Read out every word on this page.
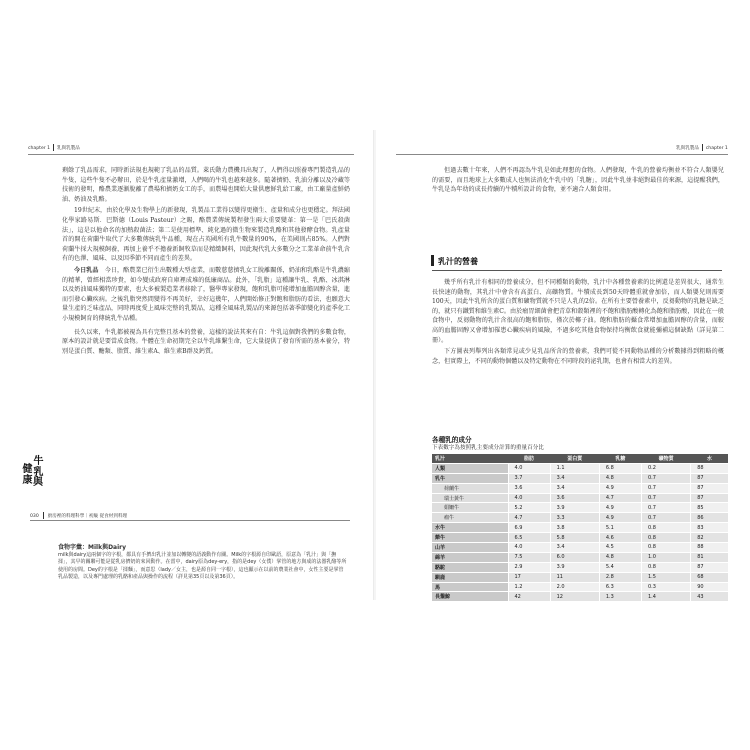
chapter 1 乳與乳製品

剩餘了乳品需求，同時新法規也規範了乳品的品質。萊氏動力農機具出現了，人們得以照養專門製造乳品的牛隻，這些牛隻不必辦田，於是牛乳產量激增，人們喝的牛乳也越來越多。隨著擠奶、乳油分離以及冷藏等技術的發明，酪農業逐漸脫離了農場和擠奶女工的手，而農場也開始大量供應鮮乳給工廠，由工廠量產鮮奶油、奶油及乳酪。

19世紀末，由於化學及生物學上的新發現，乳製品工業得以變得更衛生、產量和成分也更穩定。拜法國化學家路易斯．巴斯德（Louis Pasteur）之賜，酪農業傳統製程發生兩大重要變革：第一是「巴氏殺菌法」，這是以他命名的加熱殺菌法；第二是使用標準、純化過的微生物來製造乳酪和其他發酵食物。乳產量首的開在荷蘭牛取代了大多數傳統乳牛品種，現在占英國所有乳牛數量的90%，在美國則占85%。人們對荷蘭牛採大規模飼養，再加上養乎不擔養新飼牧草而是精緻飼料，因此現代乳大多數分之工業革命前牛乳含有的色澤、風味、以及因季節不同而產生的差異。

今日乳品　 今日，酪農業已衍生出數種大型產業，而數慈慈擠乳女工脫離關係，奶油和乳酪是牛乳濃縮的精華，曾經相當珍貴，如今變成政府自庫裡成堆的低廉商品。此外，「乳脂」這種讓牛乳、乳酪、冰淇淋以及奶油風味獨特的要素，也大多被製造業者移除了，醫學專家發現，飽和乳脂可能增加血膽固醇含量，進而引發心臟疾病。之後乳脂突然間變得不再美好，幸好這幾年，人們開始修正對飽和脂肪的看法，也願意大量生產的乏味產品，同時再度愛上風味完整的乳製品，這種全風味乳製品的來源包括著季節變化的產季化工小規模飼育的傳統乳牛品種。

長久以來，牛乳都被視為具有完整且基本的營養，這樣的說法其來有自：牛乳這個對我們的多數食物，原本的設計就是要當成食物。牛體在生命初期完全以牛乳維繫生命，它大量提供了發育所需的基本養分，特別是蛋白質、醣類、脂質、維生素A、維生素B群及鈣質。

牛
乳
健
康 與
030 廚房裡的料理科學｜初級 從食材到料理

食物字彙：Milk與Dairy

milk與dairy這兩個字的字根，都具有手擠出乳汁並加以轉變的語義動作有關。Milk的字根源自印歐語，原意為「乳汁」與「撫揉」，其早的關聯可能是從乳房擠奶的來回動作。在當中，dairy原為dey-ery，指的是dey（女僕）掌管的地方與成的法器乳酪等所使用的房間。Dey的字根是「揉麵」，而意思（lady／女主，也是源自同一字根），這也顯示在以前的農業社會中，女性主要是掌管乳品製造，以及專門處理的乳酪和產品與操作的流程（詳見第35頁以及第36頁）。

乳與乳製品 chapter 1

但過去數十年來，人們不再認為牛乳是如此理想的食物。人們發現，牛乳的營養均衡並不符合人類嬰兒的需要，而且地球上大多數成人也無法消化牛乳中的「乳糖」，因此牛乳並非絕對最佳的來源，這提醒我們，牛乳是為年幼的成長持續的牛犢所設計的食物，並不適合人類食用。

乳汁的營養

幾乎所有乳汁有相同的營養成分，但不同種類的動物，乳汁中各種營養素的比例還是差異很大，通常生長快速的動物，其乳汁中會含有高蛋白、高礦物質。牛犢成長到50天時體重就會加倍，而人類嬰兒則需要100天，因此牛乳所含的蛋白質和礦物質就不只是人乳的2倍。在所有主要營養素中，反芻動物的乳糖是缺乏的，就只有鐵質和維生素C。由於瘤胃細菌會把青草和穀類裡的不飽和脂肪酸轉化為飽和脂肪酸，因此在一般食物中，反芻動物的乳汁含很高的飽和脂肪，僅次於椰子油。飽和脂肪的攝食常增加血膽固醇的含量，而較高的血膽固醇又會增加罹患心臟疾病的風險，不過多吃其他食物保持均衡飲食就能彌補這個缺點（詳見第二冊）。

下方圖表列舉列出各類常見或少見乳品所含的營養素，我們可從不同動物品種的分析數據得到粗略的概念，但實際上，不同的動物個體以及特定動物在不同時段的泌乳期，也會有相當大的差異。

各種乳的成分
下表數字為按照乳主要成分計算的重量百分比
乳汁	脂肪	蛋白質	乳糖	礦物質	水
人類	4.0	1.1	6.8	0.2	88
乳牛	3.7	3.4	4.8	0.7	87
荷蘭牛	3.6	3.4	4.9	0.7	87
瑞士黃牛	4.0	3.6	4.7	0.7	87
娟姍牛	5.2	3.9	4.9	0.7	85
瘤牛	4.7	3.3	4.9	0.7	86
水牛	6.9	3.8	5.1	0.8	83
犛牛	6.5	5.8	4.6	0.8	82
山羊	4.0	3.4	4.5	0.8	88
綿羊	7.5	6.0	4.8	1.0	81
駱駝	2.9	3.9	5.4	0.8	87
馴鹿	17	11	2.8	1.5	68
馬	1.2	2.0	6.3	0.3	90
長鬚鯨	42	12	1.3	1.4	43
